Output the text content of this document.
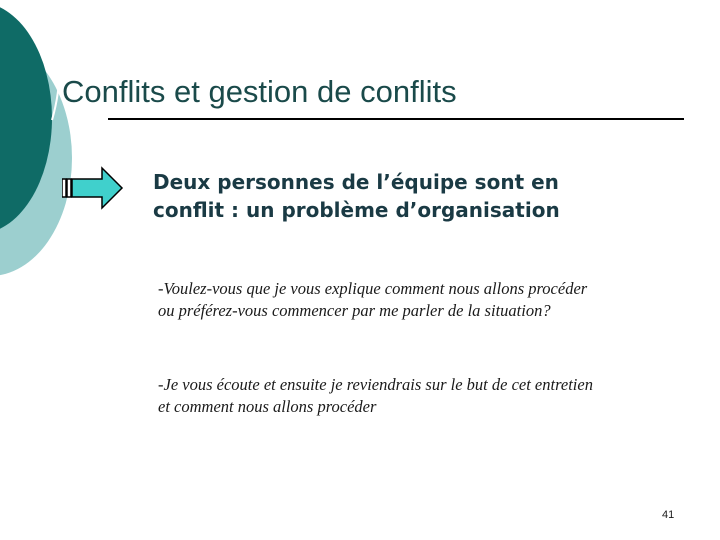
Conflits et gestion de conflits
Deux personnes de l’équipe sont en
conflit : un problème d’organisation
-Voulez-vous que je vous explique comment nous allons procéder
ou préférez-vous commencer par me parler de la situation?
-Je vous écoute et ensuite je reviendrais sur le but de cet entretien
et comment nous allons procéder
41
